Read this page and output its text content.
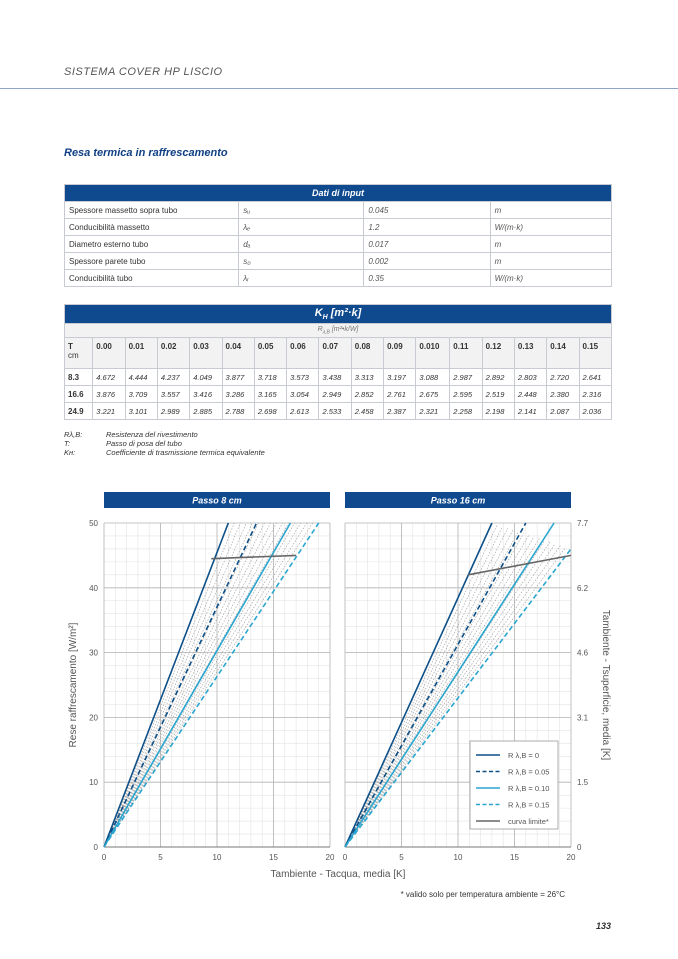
SISTEMA COVER HP LISCIO
Resa termica in raffrescamento
Dati di input			
Spessore massetto sopra tubo	sᵤ	0.045	m
Conducibilità massetto	λₑ	1.2	W/(m·k)
Diametro esterno tubo	dₐ	0.017	m
Spessore parete tubo	s₀	0.002	m
Conducibilità tubo	λᵣ	0.35	W/(m·k)
$K_H$ [m²·k]																
$R_{\lambda,B}$ [m²•k/W]																

T
cm	0.00	0.01	0.02	0.03	0.04	0.05	0.06	0.07	0.08	0.09	0.010	0.11	0.12	0.13	0.14	0.15
8.3	4.672	4.444	4.237	4.049	3.877	3.718	3.573	3.438	3.313	3.197	3.088	2.987	2.892	2.803	2.720	2.641
16.6	3.876	3.709	3.557	3.416	3.286	3.165	3.054	2.949	2.852	2.761	2.675	2.595	2.519	2.448	2.380	2.316
24.9	3.221	3.101	2.989	2.885	2.788	2.698	2.613	2.533	2.458	2.387	2.321	2.258	2.198	2.141	2.087	2.036
Rλ,B:	Resistenza del rivestimento
T:	Passo di posa del tubo
Kʜ:	Coefficiente di trasmissione termica equivalente
Passo 8 cm
0	5	10	15	20
0
10
20
30
40
50
Passo 16 cm
0	5	10	15	20
0
1.5
3.1
4.6
6.2
7.7
R λ,B = 0
R λ,B = 0.05
R λ,B = 0.10
R λ,B = 0.15
curva limite*
Rese raffrescamento [W/m²]	Tambiente - Tsuperficie, media [K]
Tambiente - Tacqua, media [K]
* valido solo per temperatura ambiente = 26°C
133
